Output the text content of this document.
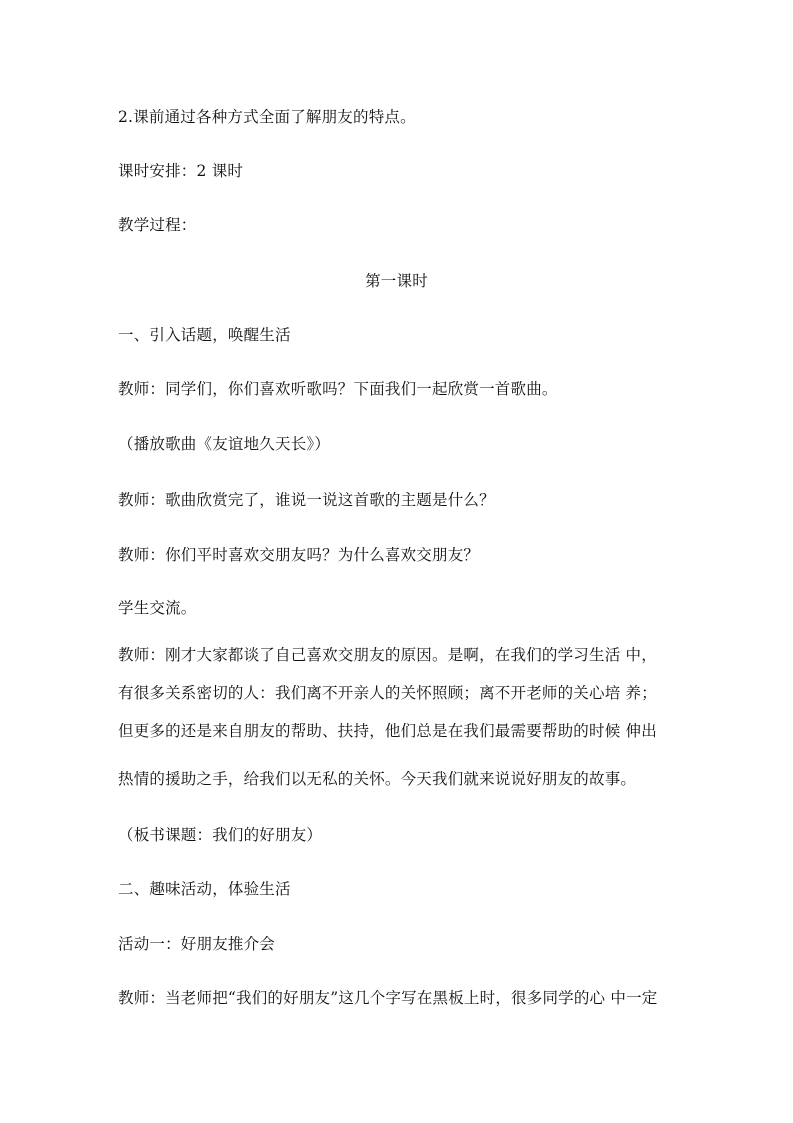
2.课前通过各种方式全面了解朋友的特点。
课时安排：2 课时
教学过程：
第一课时
一、引入话题，唤醒生活
教师：同学们，你们喜欢听歌吗？下面我们一起欣赏一首歌曲。
（播放歌曲《友谊地久天长》）
教师：歌曲欣赏完了，谁说一说这首歌的主题是什么？
教师：你们平时喜欢交朋友吗？为什么喜欢交朋友？
学生交流。
教师：刚才大家都谈了自己喜欢交朋友的原因。是啊，在我们的学习生活 中，
有很多关系密切的人：我们离不开亲人的关怀照顾；离不开老师的关心培 养；
但更多的还是来自朋友的帮助、扶持，他们总是在我们最需要帮助的时候 伸出
热情的援助之手，给我们以无私的关怀。今天我们就来说说好朋友的故事。
（板书课题：我们的好朋友）
二、趣味活动，体验生活
活动一：好朋友推介会
教师：当老师把“我们的好朋友”这几个字写在黑板上时，很多同学的心 中一定
